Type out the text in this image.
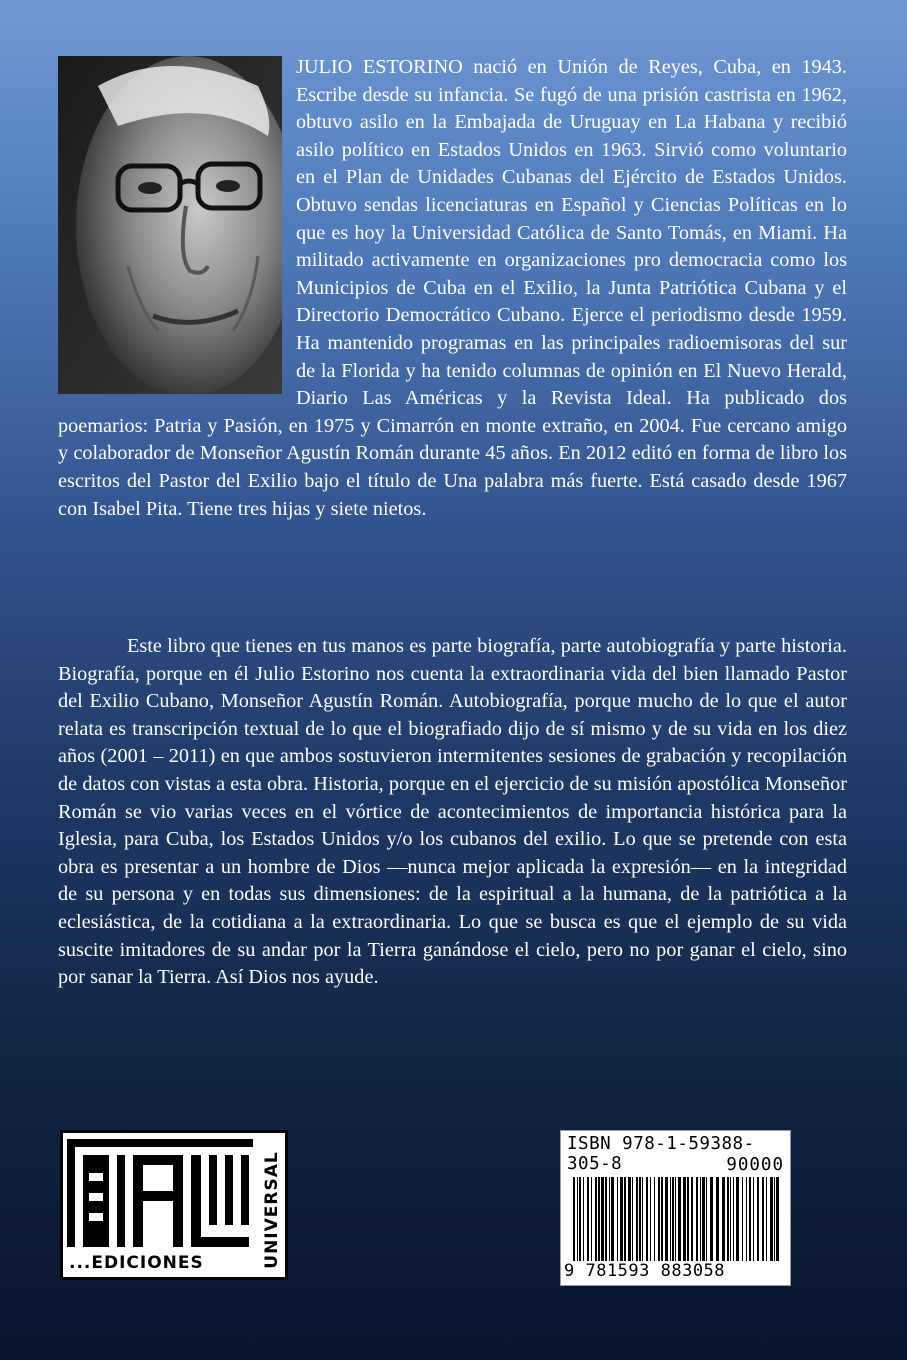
JULIO ESTORINO nació en Unión de Reyes, Cuba, en 1943. Escribe desde su infancia. Se fugó de una prisión castrista en 1962, obtuvo asilo en la Embajada de Uruguay en La Habana y recibió asilo político en Estados Unidos en 1963. Sirvió como voluntario en el Plan de Unidades Cubanas del Ejército de Estados Unidos. Obtuvo sendas licenciaturas en Español y Ciencias Políticas en lo que es hoy la Universidad Católica de Santo Tomás, en Miami. Ha militado activamente en organizaciones pro democracia como los Municipios de Cuba en el Exilio, la Junta Patriótica Cubana y el Directorio Democrático Cubano. Ejerce el periodismo desde 1959. Ha mantenido programas en las principales radioemisoras del sur de la Florida y ha tenido columnas de opinión en El Nuevo Herald, Diario Las Américas y la Revista Ideal. Ha publicado dos poemarios: Patria y Pasión, en 1975 y Cimarrón en monte extraño, en 2004. Fue cercano amigo y colaborador de Monseñor Agustín Román durante 45 años. En 2012 editó en forma de libro los escritos del Pastor del Exilio bajo el título de Una palabra más fuerte. Está casado desde 1967 con Isabel Pita. Tiene tres hijas y siete nietos.
Este libro que tienes en tus manos es parte biografía, parte autobiografía y parte historia. Biografía, porque en él Julio Estorino nos cuenta la extraordinaria vida del bien llamado Pastor del Exilio Cubano, Monseñor Agustín Román. Autobiografía, porque mucho de lo que el autor relata es transcripción textual de lo que el biografiado dijo de sí mismo y de su vida en los diez años (2001 – 2011) en que ambos sostuvieron intermitentes sesiones de grabación y recopilación de datos con vistas a esta obra. Historia, porque en el ejercicio de su misión apostólica Monseñor Román se vio varias veces en el vórtice de acontecimientos de importancia histórica para la Iglesia, para Cuba, los Estados Unidos y/o los cubanos del exilio. Lo que se pretende con esta obra es presentar a un hombre de Dios —nunca mejor aplicada la expresión— en la integridad de su persona y en todas sus dimensiones: de la espiritual a la humana, de la patriótica a la eclesiástica, de la cotidiana a la extraordinaria. Lo que se busca es que el ejemplo de su vida suscite imitadores de su andar por la Tierra ganándose el cielo, pero no por ganar el cielo, sino por sanar la Tierra. Así Dios nos ayude.
...EDICIONES	UNIVERSAL
ISBN 978-1-59388-305-8	90000
9 781593 883058
